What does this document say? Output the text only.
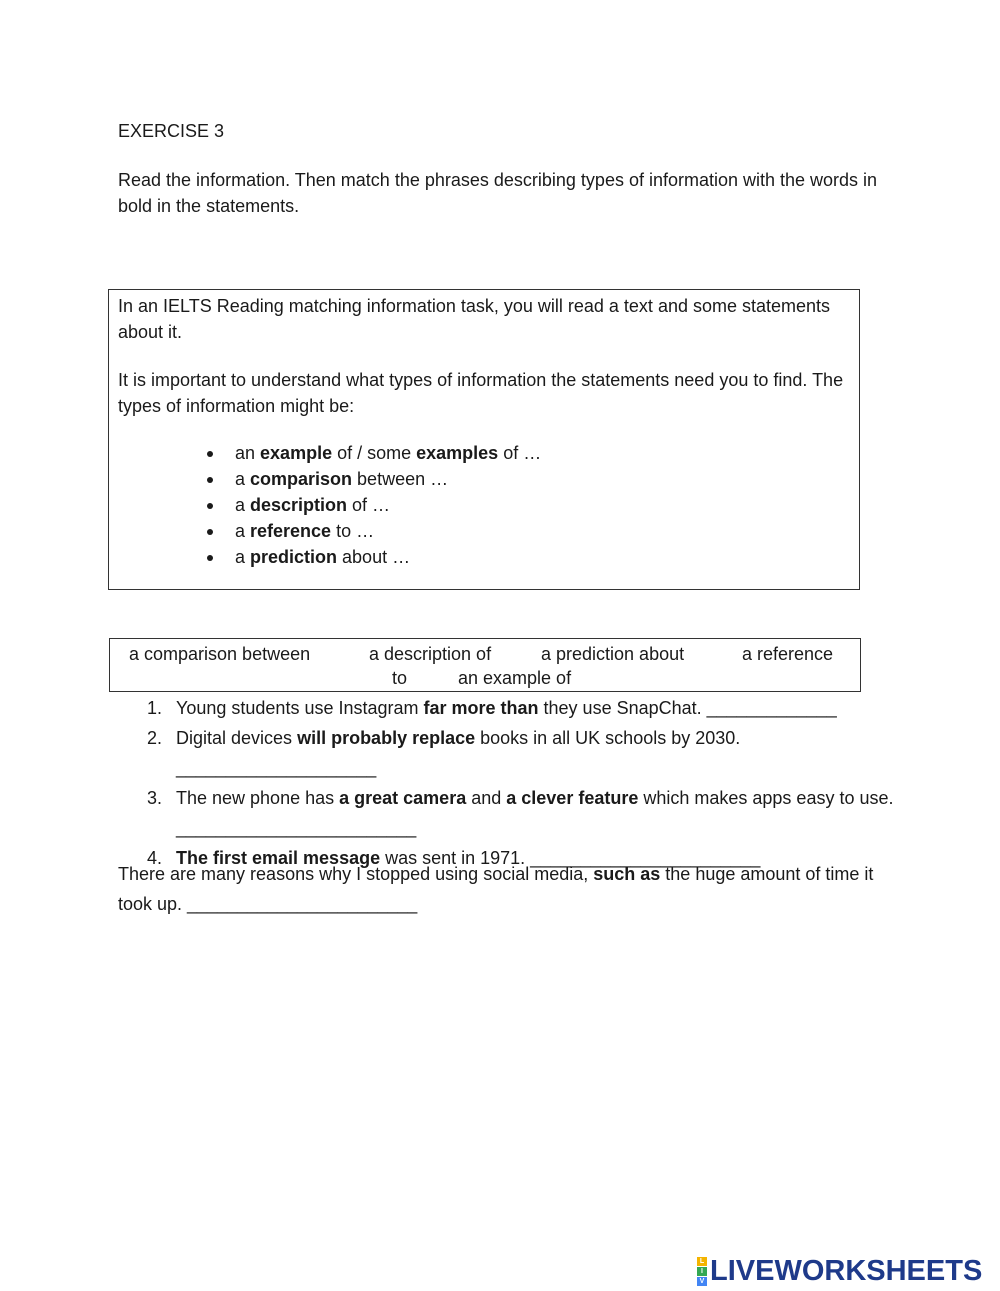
EXERCISE 3
Read the information. Then match the phrases describing types of information with the words in bold in the statements.
In an IELTS Reading matching information task, you will read a text and some statements about it.
It is important to understand what types of information the statements need you to find. The types of information might be:
an example of / some examples of …
a comparison between …
a description of …
a reference to …
a prediction about …
a comparison between	a description of	a prediction about	a reference
to	an example of
1. Young students use Instagram far more than they use SnapChat. _____________
2. Digital devices will probably replace books in all UK schools by 2030. ____________________
3. The new phone has a great camera and a clever feature which makes apps easy to use. ________________________
4. The first email message was sent in 1971. _______________________
There are many reasons why I stopped using social media, such as the huge amount of time it took up. _______________________
L
I
V LIVEWORKSHEETS
